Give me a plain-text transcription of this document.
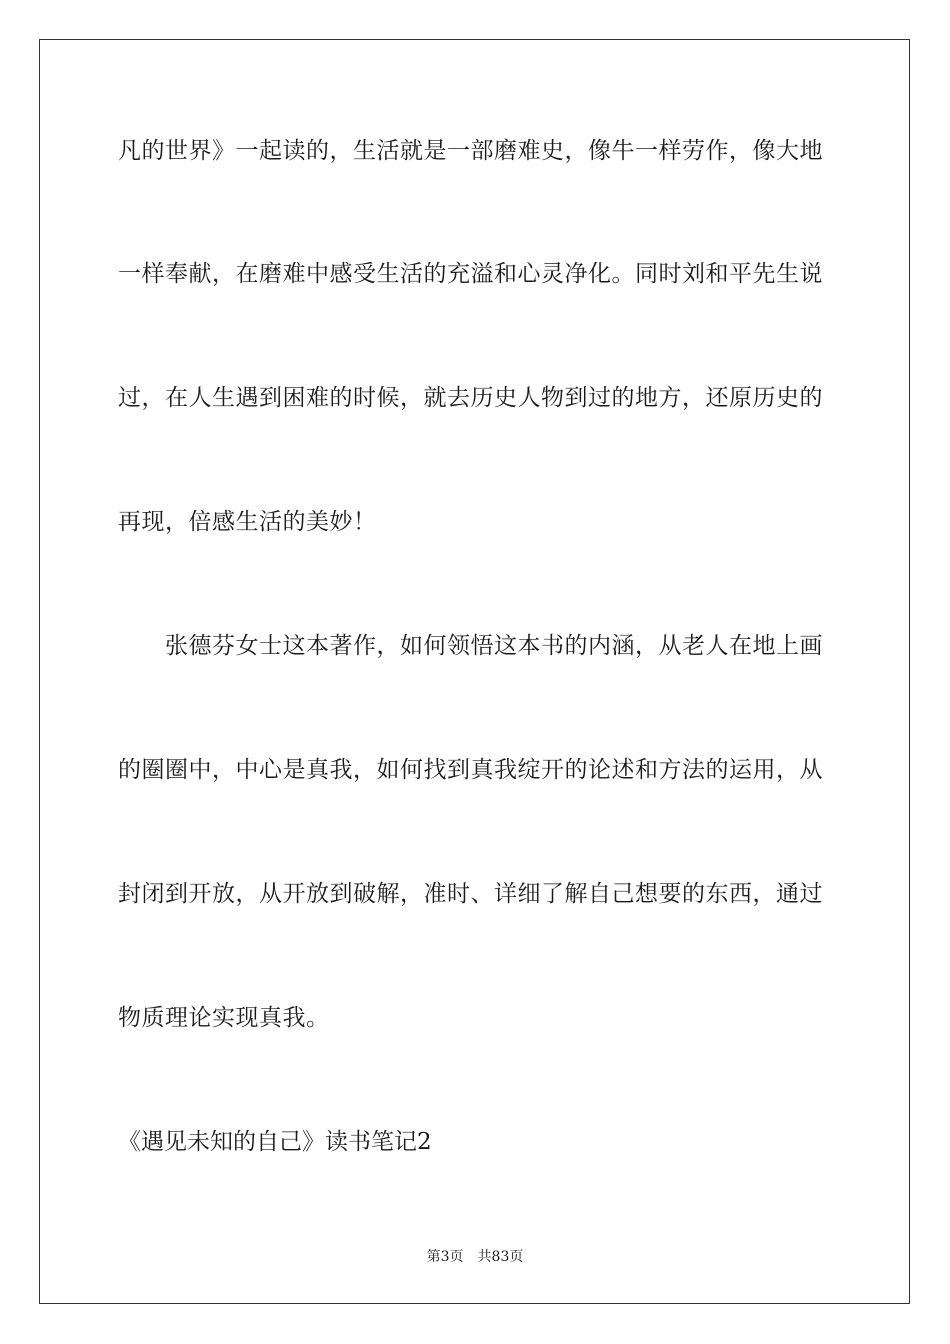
凡的世界》一起读的，生活就是一部磨难史，像牛一样劳作，像大地
一样奉献，在磨难中感受生活的充溢和心灵净化。同时刘和平先生说
过，在人生遇到困难的时候，就去历史人物到过的地方，还原历史的
再现，倍感生活的美妙！
张德芬女士这本著作，如何领悟这本书的内涵，从老人在地上画
的圈圈中，中心是真我，如何找到真我绽开的论述和方法的运用，从
封闭到开放，从开放到破解，准时、详细了解自己想要的东西，通过
物质理论实现真我。
《遇见未知的自己》读书笔记2
第3页 共83页
